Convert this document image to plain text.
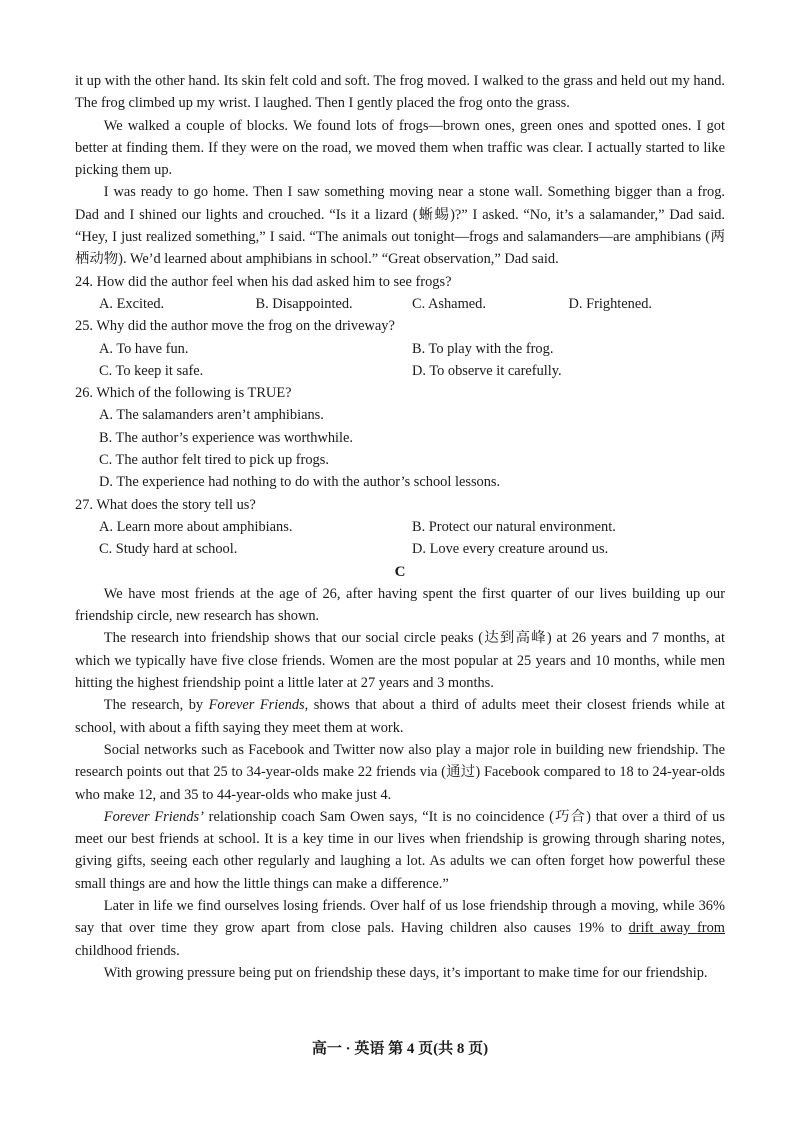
it up with the other hand. Its skin felt cold and soft. The frog moved. I walked to the grass and held out my hand. The frog climbed up my wrist. I laughed. Then I gently placed the frog onto the grass.

We walked a couple of blocks. We found lots of frogs—brown ones, green ones and spotted ones. I got better at finding them. If they were on the road, we moved them when traffic was clear. I actually started to like picking them up.

I was ready to go home. Then I saw something moving near a stone wall. Something bigger than a frog. Dad and I shined our lights and crouched. “Is it a lizard (蜥蜴)?” I asked. “No, it’s a salamander,” Dad said. “Hey, I just realized something,” I said. “The animals out tonight—frogs and salamanders—are amphibians (两栖动物). We’d learned about amphibians in school.” “Great observation,” Dad said.

24. How did the author feel when his dad asked him to see frogs?

A. Excited.	B. Disappointed.	C. Ashamed.	D. Frightened.

25. Why did the author move the frog on the driveway?

A. To have fun.	B. To play with the frog.
C. To keep it safe.	D. To observe it carefully.

26. Which of the following is TRUE?

A. The salamanders aren’t amphibians.

B. The author’s experience was worthwhile.

C. The author felt tired to pick up frogs.

D. The experience had nothing to do with the author’s school lessons.

27. What does the story tell us?

A. Learn more about amphibians.	B. Protect our natural environment.
C. Study hard at school.	D. Love every creature around us.

C

We have most friends at the age of 26, after having spent the first quarter of our lives building up our friendship circle, new research has shown.

The research into friendship shows that our social circle peaks (达到高峰) at 26 years and 7 months, at which we typically have five close friends. Women are the most popular at 25 years and 10 months, while men hitting the highest friendship point a little later at 27 years and 3 months.

The research, by Forever Friends, shows that about a third of adults meet their closest friends while at school, with about a fifth saying they meet them at work.

Social networks such as Facebook and Twitter now also play a major role in building new friendship. The research points out that 25 to 34-year-olds make 22 friends via (通过) Facebook compared to 18 to 24-year-olds who make 12, and 35 to 44-year-olds who make just 4.

Forever Friends’ relationship coach Sam Owen says, “It is no coincidence (巧合) that over a third of us meet our best friends at school. It is a key time in our lives when friendship is growing through sharing notes, giving gifts, seeing each other regularly and laughing a lot. As adults we can often forget how powerful these small things are and how the little things can make a difference.”

Later in life we find ourselves losing friends. Over half of us lose friendship through a moving, while 36% say that over time they grow apart from close pals. Having children also causes 19% to drift away from childhood friends.

With growing pressure being put on friendship these days, it’s important to make time for our friendship.

高一 · 英语 第 4 页(共 8 页)
